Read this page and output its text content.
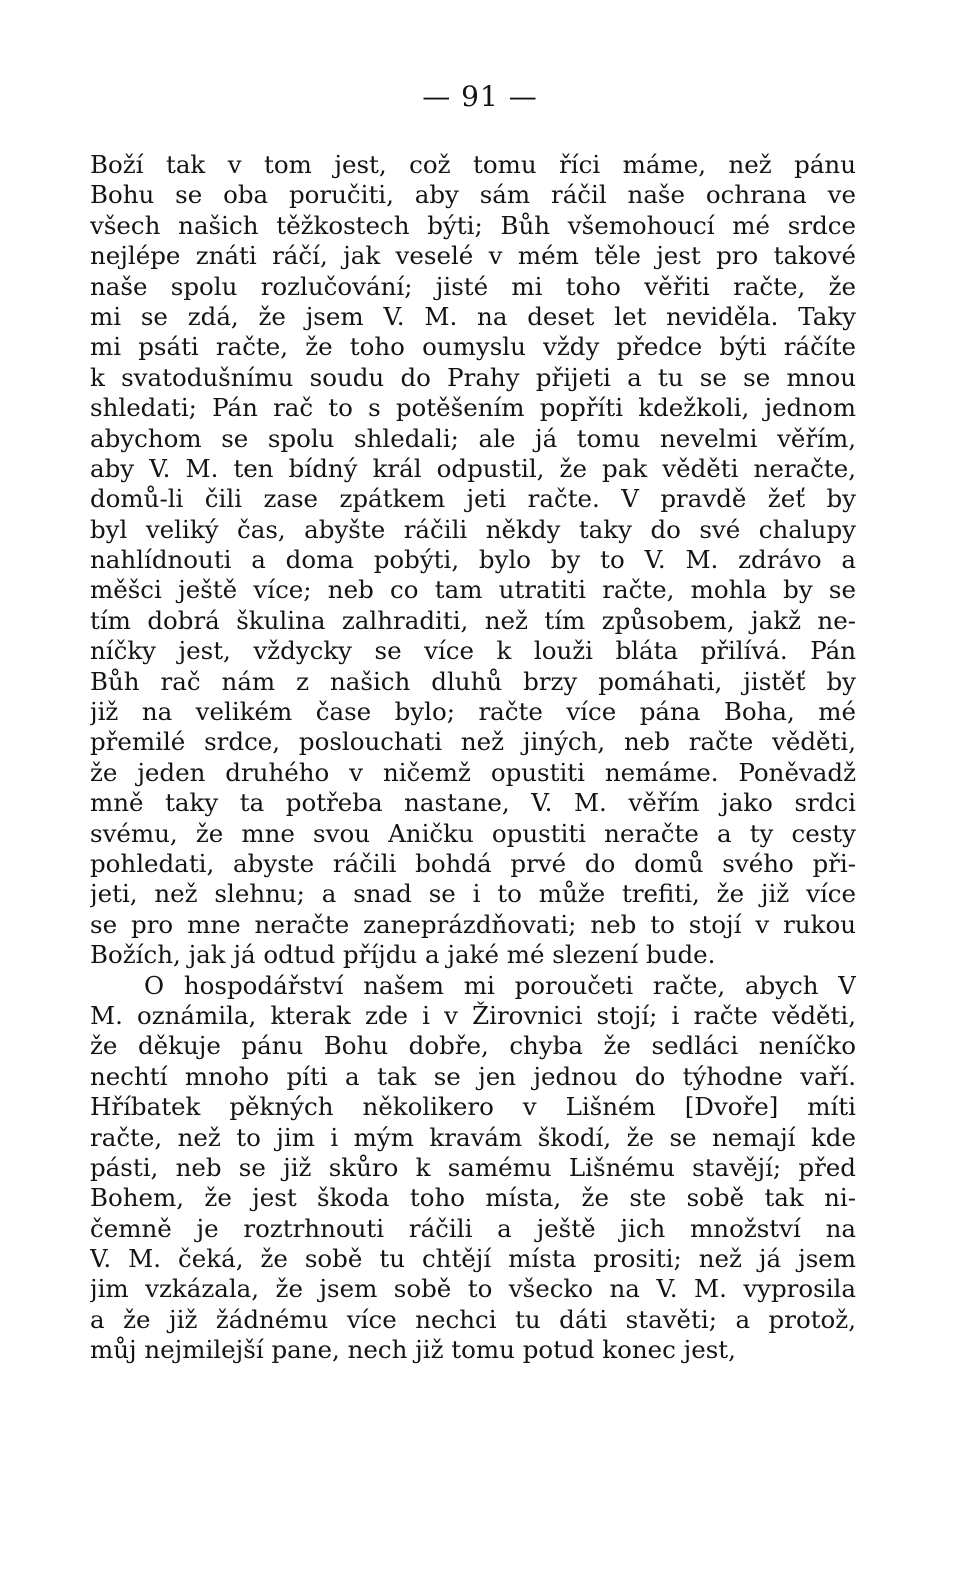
— 91 —
Boží tak v tom jest, což tomu říci máme, než pánu
Bohu se oba poručiti, aby sám ráčil naše ochrana ve
všech našich těžkostech býti; Bůh všemohoucí mé srdce
nejlépe znáti ráčí, jak veselé v mém těle jest pro takové
naše spolu rozlučování; jisté mi toho věřiti račte, že
mi se zdá, že jsem V. M. na deset let neviděla. Taky
mi psáti račte, že toho oumyslu vždy předce býti ráčíte
k svatodušnímu soudu do Prahy přijeti a tu se se mnou
shledati; Pán rač to s potěšením popříti kdežkoli, jednom
abychom se spolu shledali; ale já tomu nevelmi věřím,
aby V. M. ten bídný král odpustil, že pak věděti neračte,
domů-li čili zase zpátkem jeti račte. V pravdě žeť by
byl veliký čas, abyšte ráčili někdy taky do své chalupy
nahlídnouti a doma pobýti, bylo by to V. M. zdrávo a
měšci ještě více; neb co tam utratiti račte, mohla by se
tím dobrá škulina zalhraditi, než tím způsobem, jakž ne-
níčky jest, vždycky se více k louži bláta přilívá. Pán
Bůh rač nám z našich dluhů brzy pomáhati, jistěť by
již na velikém čase bylo; račte více pána Boha, mé
přemilé srdce, poslouchati než jiných, neb račte věděti,
že jeden druhého v ničemž opustiti nemáme. Poněvadž
mně taky ta potřeba nastane, V. M. věřím jako srdci
svému, že mne svou Aničku opustiti neračte a ty cesty
pohledati, abyste ráčili bohdá prvé do domů svého při-
jeti, než slehnu; a snad se i to může trefiti, že již více
se pro mne neračte zaneprázdňovati; neb to stojí v rukou
Božích, jak já odtud příjdu a jaké mé slezení bude.
O hospodářství našem mi poroučeti račte, abych V
M. oznámila, kterak zde i v Žirovnici stojí; i račte věděti,
že děkuje pánu Bohu dobře, chyba že sedláci neníčko
nechtí mnoho píti a tak se jen jednou do týhodne vaří.
Hříbatek pěkných několikero v Lišném [Dvoře] míti
račte, než to jim i mým kravám škodí, že se nemají kde
pásti, neb se již skůro k samému Lišnému stavějí; před
Bohem, že jest škoda toho místa, že ste sobě tak ni-
čemně je roztrhnouti ráčili a ještě jich množství na
V. M. čeká, že sobě tu chtějí místa prositi; než já jsem
jim vzkázala, že jsem sobě to všecko na V. M. vyprosila
a že již žádnému více nechci tu dáti stavěti; a protož,
můj nejmilejší pane, nech již tomu potud konec jest,
